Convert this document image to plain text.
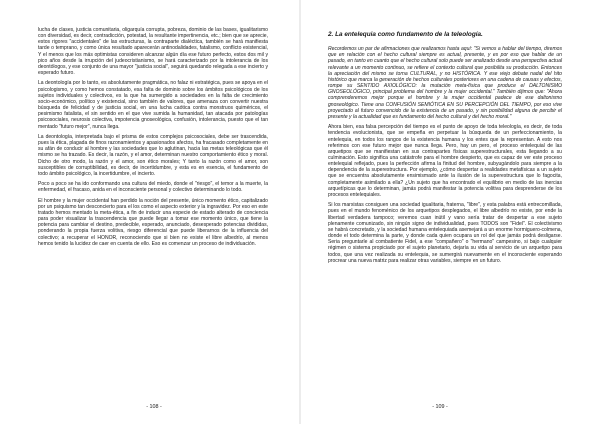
lucha de clases, justicia comunitaria, oligarquía corrupta, pobreza, dominio de las bases, igualitarismo con diversidad, es decir, contradicción, potestad, la resultante impertinencia, etc.; bien que se aprecie, estos rigores "accidentales" de las estructuras, la contraparte dialéctica, también se hará manifiesta tarde o temprano, y como única resultado aparecerán antinodalidades, fatalismo, conflicto existencial, Y el menos que los más optimistas consideren alcanzar algún día ese futuro perfecto, estos dos mil y pico años desde la irrupción del judeocristianismo, se hará caracterizado por la intolerancia de los deontólogos, y ese conjunto de una mayor "justicia social", seguirá quedando relegada a ese incierto y esperado futuro.

La deontología por lo tanto, es absolutamente pragmática, no falaz ni estratégica, pues se apoya en el psicologismo, y como hemos constatado, esa falta de dominio sobre los ámbitos psicológicos de los sujetos individuales y colectivos, es la que ha sumergido a sociedades en la falta de crecimiento socio-económico, político y existencial, sino también de valores, que amenaza con convertir nuestra búsqueda de felicidad y de justicia social, en una lucha caótica contra monstruos quiméricos, el pesimismo fatalista, el sin sentido en el que vive sumida la humanidad, tan atacada por patologías psicosociales, neurosis colectiva, impotencia gnoseológica, confusión, intolerancia, puesto que el tan mentado "futuro mejor", nunca llega.

La deontología, interpretada bajo el prisma de estos complejos psicosociales, debe ser trascendida, pues la ética, plagada de finos razonamientos y apasionados afectos, ha fracasado completamente en su afán de conducir al hombre y las sociedades que lo aglutinan, hacia las metas teleológicas que él mismo se ha trazado. Es decir, la razón, y el amor, determinan nuestro comportamiento ético y moral. Dicho de otro modo, la razón y el amor, son ético morales; Y tanto la razón como el amor, son susceptibles de corruptibilidad, es decir, de incertidumbre, y esta es en esencia, el fundamento de todo ámbito psicológico, la incertidumbre, el incierto.

Poco a poco se ha ido conformando una cultura del miedo, donde el "riesgo", el temor a la muerte, la enfermedad, el fracaso, anida en el inconsciente personal y colectivo determinando lo todo.

El hombre y la mujer occidental han perdido la noción del presente, único momento ético, capitalizado por un psiquismo tan desconcierto para el los como el aspecto exterior y la ingravidez. Por eso en este tratado hemos mentado la meta-ética, a fin de inducir una especie de estado alterado de conciencia para poder visualizar la trascendencia que puede llegar a tomar ese momento único, que tiene la potencia para cambiar el destino, predecible, esperado, anunciado, desesperado potencias divididas, ponderando la propia fuerza volitiva, riesgo diferencial que puede liberarnos de la influencia del colectivo; a recuperar el HONOR, reconociendo que si bien no existe el libre albedrío, al menos hemos tenido la lucidez de caer en cuenta de ello. Eso es comenzar un proceso de individuación.

- 108 -

2. La entelequia como fundamento de la teleología.

Recordemos un par de afirmaciones que realizamos hasta aquí: "Si vemos a hablar del tiempo, diremos que en relación con el hecho cultural siempre es actual, presente, y es por eso que hablar de un pasado, en tanto en cuanto que el hecho cultural solo puede ser analizado desde una perspectiva actual relevante a un momento continuo, se refiere el contexto cultural que posibilita su producción. Entonces la apreciación del mismo se torna CULTURAL, y no HISTÓRICA. Y ese viejo debate nadal del hito histórico que marca la generación de hechos culturales posteriores en una cadena de causas y efectos, rompe su SENTIDO AXIOLÓGICO: la mutación meta-física que produce el DALTONISMO GNOSEOLÓGICO, principal problema del hombre y la mujer occidental." También dijimos que: "Ahora comprenderemos mejor porque el hombre y la mujer occidental padece de ese daltonismo gnoseológico. Tiene una CONFUSIÓN SEMIÓTICA EN SU PERCEPCIÓN DEL TIEMPO, por eso vive proyectado al futuro convencido de la existencia de un pasado, y sin posibilidad alguna de percibir el presente y la actualidad que es fundamento del hecho cultural y del hecho moral."

Ahora bien, esa falsa percepción del tiempo es el punto de apoyo de toda teleología, es decir, de toda tendencia evolucionista, que se empeña en perpetuar la búsqueda de un perfeccionamiento, la entelequia, en todos los rangos de la existencia humana y los entes que la representan. A esto nos referimos con ese futuro mejor que nunca llega. Pero, hay un pero, el proceso entelequial de las arquetipos que se manifiestan en sus contrapartes físicas superestructurales, esta llegando a su culminación. Esto significa una catástrofe para el hombre despierto, que es capaz de ver este proceso entelequial reflejado, pues la perfección afirma la finitud del hombre, subyugándolo para siempre a la dependencia de la superestructura. Por ejemplo, ¿cómo despertar a realidades metafísicas a un sujeto que se encuentra absolutamente ensimismado ante la ilusión de la superestructura que lo fagocita, completamente asimilado a ella? ¿Un sujeto que ha encontrado el equilibrio en medio de las inercias arquetípicas que lo determinan, jamás podrá manifestar la potencia volitiva para desprenderse de los procesos entelequiales.

Si los marxistas consiguen una sociedad igualitaria, fraterna, "libre", y esta palabra está entrecomillada, pues en el mundo fenoménico de los arquetipos desplegados, el libre albedrío no existe, por ende la libertad verdadera tampoco; veremos cuan inútil y vano sería tratar de despertar a ese sujeto plenamente comunizado, sin ningún signo de individualidad, pues TODOS son "Fidel". El colectivismo se habrá concretado, y la sociedad humana entelequiada asemejará a un enorme hormiguero-colmena, donde el todo determina la parte, y donde cada quien ocupara un rol del que jamás podrá desligarse. Seria preguntarle al combatiente Fidel, a ese "compañero" o "hermano" campesino, si bajo cualquier régimen o sistema propiciado por el sujeto planetario, dejaría su vida al servicio de un arquetipo para todos, que una vez realizada su entelequia, se sumergirá nuevamente en el inconsciente esperando procrear una nueva matriz para realizar otras variables, siempre en un futuro.

- 109 -
